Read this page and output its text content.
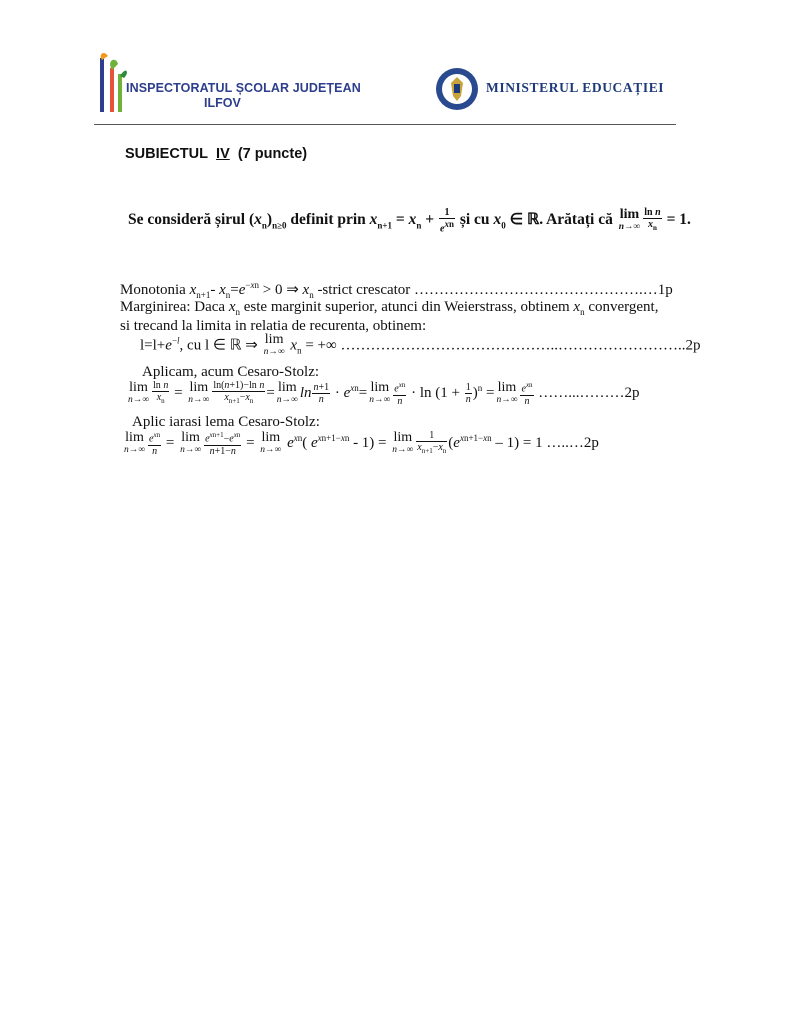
INSPECTORATUL ȘCOLAR JUDEȚEAN
ILFOV
MINISTERUL EDUCAȚIEI
SUBIECTUL IV (7 puncte)
Se consideră șirul $(x_n)_{n\ge 0}$ definit prin $x_{n+1} = x_n + \frac{1}{\text{exn}}$ și cu $x_0$ ∈ ℝ. Arătați că lim
$n\to\infty \frac{\text{ln n}}{x_n} = 1$.
Monotonia $x_{n+1}-$ $x_n=e^{-xn} > 0$ ⇒ $x_n$ -strict crescator ……………………………………….…1p
Marginirea: Daca $x_n$ este marginit superior, atunci din Weierstrass, obtinem $x_n$ convergent,
si trecand la limita in relatia de recurenta, obtinem:
$l=l+e^{-l}$, cu l ∈ ℝ ⇒ lim
n→∞ $x_n$ = +∞ ……………………………………..……………………..2p
Aplicam, acum Cesaro-Stolz:
lim
$n\to\infty \frac{\text{ln n}}{x_n} = \lim$
$n\to\infty \frac{\text{ln(n+1)−ln n}}{x_{n+1}-x_n} = \lim$
n→∞ $\ln \frac{n+1}{n} \cdot e^{xn}= \lim$
$n\to\infty \frac{e^{xn}}{n} \cdot \ln (1 + \frac{1}{n} )^n = \lim$
$n\to\infty \frac{e^{xn}}{n}$ ……...………2p
Aplic iarasi lema Cesaro-Stolz:
lim
$n\to\infty \frac{e^{xn}}{n} = \lim$
$n\to\infty \frac{e^{xn+1}-e^{xn}}{n+1-n} = \lim$
n→∞ $e^{xn}$( $e^{xn+1-xn} - 1) = \lim$
$n\to\infty \frac{1}{x_{n+1}-x_n} (e^{xn+1-xn} - 1) = 1$ …..…2p
